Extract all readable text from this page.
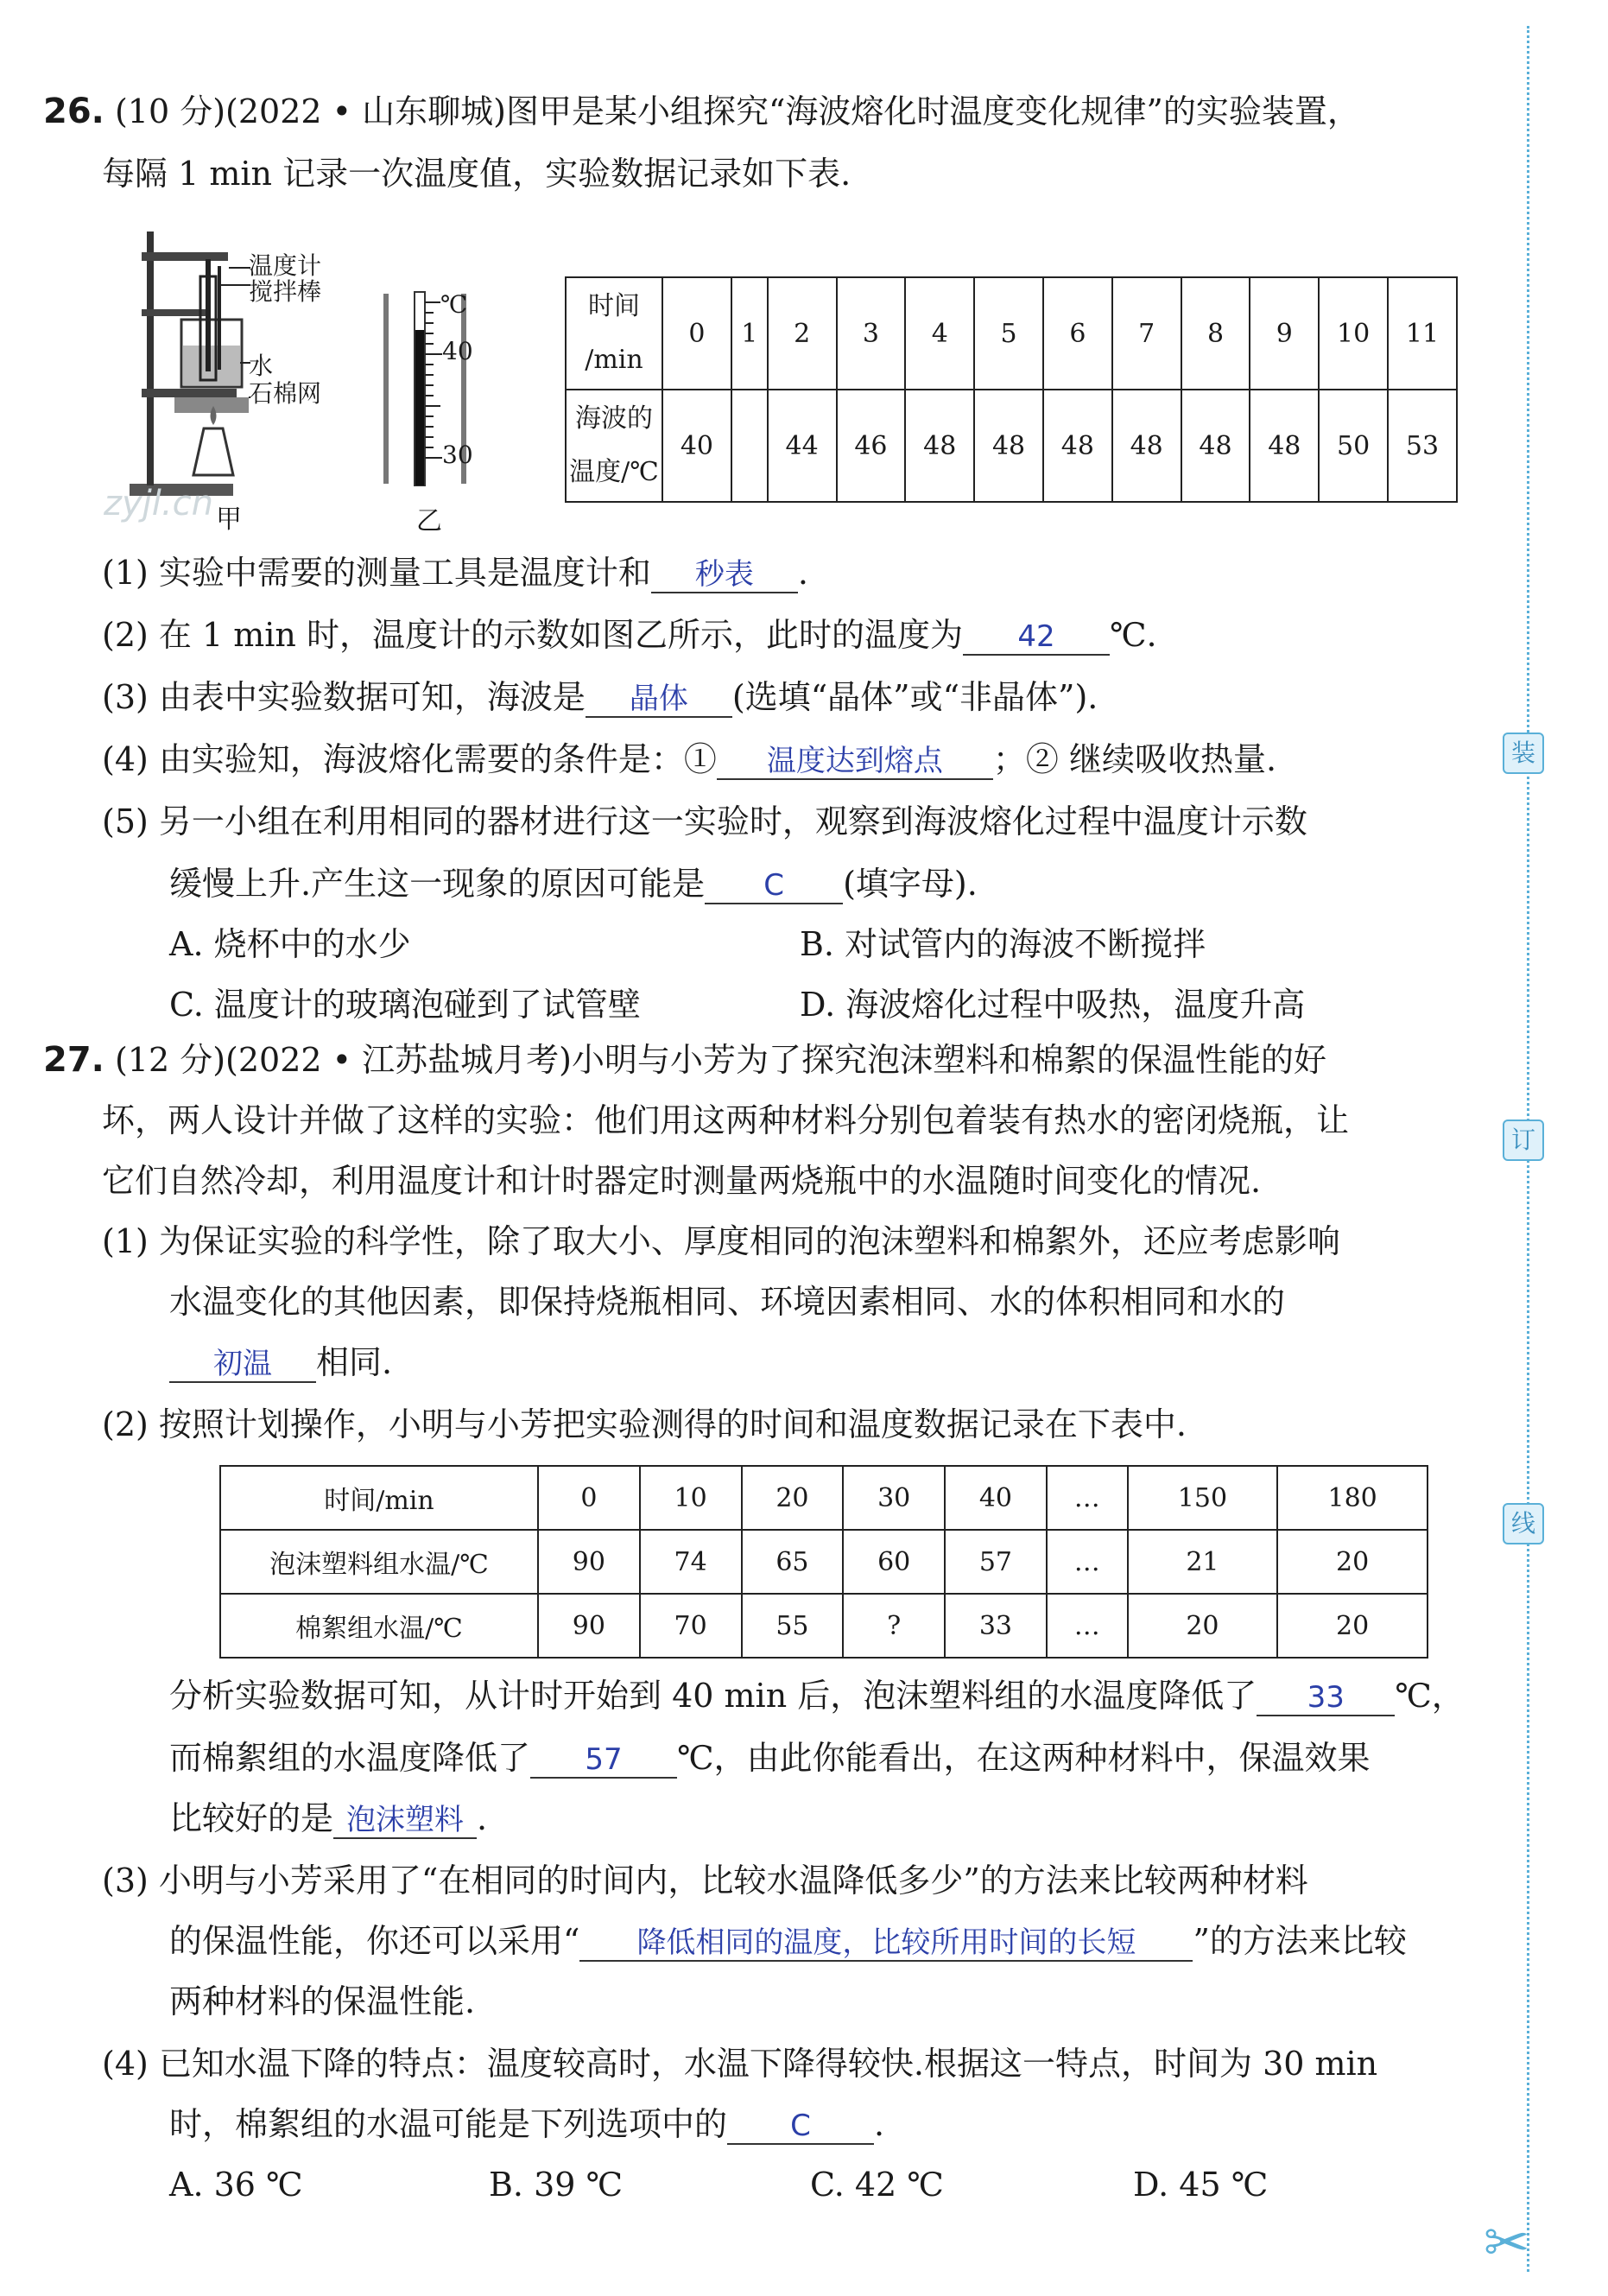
装
订
线
✂
26. (10 分)(2022 • 山东聊城)图甲是某小组探究“海波熔化时温度变化规律”的实验装置，
每隔 1 min 记录一次温度值，实验数据记录如下表.
温度计
搅拌棒
水
石棉网
甲
zyjl.cn
℃
40
30
乙
时间
/min	0	1	2	3	4	5	6	7	8	9	10	11
海波的
温度/℃	40		44	46	48	48	48	48	48	48	50	53
(1) 实验中需要的测量工具是温度计和 秒表 .
(2) 在 1 min 时，温度计的示数如图乙所示，此时的温度为 42 ℃.
(3) 由表中实验数据可知，海波是 晶体 (选填“晶体”或“非晶体”).
(4) 由实验知，海波熔化需要的条件是：① 温度达到熔点 ；② 继续吸收热量.
(5) 另一小组在利用相同的器材进行这一实验时，观察到海波熔化过程中温度计示数
缓慢上升.产生这一现象的原因可能是 C (填字母).
A. 烧杯中的水少	B. 对试管内的海波不断搅拌
C. 温度计的玻璃泡碰到了试管壁	D. 海波熔化过程中吸热，温度升高
27. (12 分)(2022 • 江苏盐城月考)小明与小芳为了探究泡沫塑料和棉絮的保温性能的好
坏，两人设计并做了这样的实验：他们用这两种材料分别包着装有热水的密闭烧瓶，让
它们自然冷却，利用温度计和计时器定时测量两烧瓶中的水温随时间变化的情况.
(1) 为保证实验的科学性，除了取大小、厚度相同的泡沫塑料和棉絮外，还应考虑影响
水温变化的其他因素，即保持烧瓶相同、环境因素相同、水的体积相同和水的
初温 相同.
(2) 按照计划操作，小明与小芳把实验测得的时间和温度数据记录在下表中.
时间/min	0	10	20	30	40	…	150	180
泡沫塑料组水温/℃	90	74	65	60	57	…	21	20
棉絮组水温/℃	90	70	55	?	33	…	20	20
分析实验数据可知，从计时开始到 40 min 后，泡沫塑料组的水温度降低了 33 ℃，
而棉絮组的水温度降低了 57 ℃，由此你能看出，在这两种材料中，保温效果
比较好的是 泡沫塑料 .
(3) 小明与小芳采用了“在相同的时间内，比较水温降低多少”的方法来比较两种材料
的保温性能，你还可以采用“ 降低相同的温度，比较所用时间的长短 ”的方法来比较
两种材料的保温性能.
(4) 已知水温下降的特点：温度较高时，水温下降得较快.根据这一特点，时间为 30 min
时，棉絮组的水温可能是下列选项中的 C .
A. 36 ℃	B. 39 ℃	C. 42 ℃	D. 45 ℃
